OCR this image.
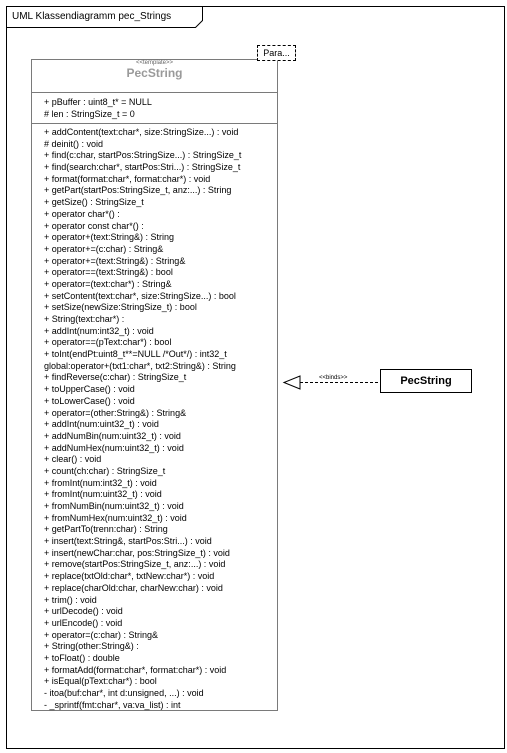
UML Klassendiagramm pec_Strings
<<template>>
PecString
+ pBuffer : uint8_t* = NULL
# len : StringSize_t = 0
+ addContent(text:char*, size:StringSize...) : void
# deinit() : void
+ find(c:char, startPos:StringSize...) : StringSize_t
+ find(search:char*, startPos:Stri...) : StringSize_t
+ format(format:char*, format:char*) : void
+ getPart(startPos:StringSize_t, anz:...) : String
+ getSize() : StringSize_t
+ operator char*() :
+ operator const char*() :
+ operator+(text:String&) : String
+ operator+=(c:char) : String&
+ operator+=(text:String&) : String&
+ operator==(text:String&) : bool
+ operator=(text:char*) : String&
+ setContent(text:char*, size:StringSize...) : bool
+ setSize(newSize:StringSize_t) : bool
+ String(text:char*) :
+ addInt(num:int32_t) : void
+ operator==(pText:char*) : bool
+ toInt(endPt:uint8_t**=NULL /*Out*/) : int32_t
global:operator+(txt1:char*, txt2:String&) : String
+ findReverse(c:char) : StringSize_t
+ toUpperCase() : void
+ toLowerCase() : void
+ operator=(other:String&) : String&
+ addInt(num:uint32_t) : void
+ addNumBin(num:uint32_t) : void
+ addNumHex(num:uint32_t) : void
+ clear() : void
+ count(ch:char) : StringSize_t
+ fromInt(num:int32_t) : void
+ fromInt(num:uint32_t) : void
+ fromNumBin(num:uint32_t) : void
+ fromNumHex(num:uint32_t) : void
+ getPartTo(trenn:char) : String
+ insert(text:String&, startPos:Stri...) : void
+ insert(newChar:char, pos:StringSize_t) : void
+ remove(startPos:StringSize_t, anz:...) : void
+ replace(txtOld:char*, txtNew:char*) : void
+ replace(charOld:char, charNew:char) : void
+ trim() : void
+ urlDecode() : void
+ urlEncode() : void
+ operator=(c:char) : String&
+ String(other:String&) :
+ toFloat() : double
+ formatAdd(format:char*, format:char*) : void
+ isEqual(pText:char*) : bool
- itoa(buf:char*, int d:unsigned, ...) : void
- _sprintf(fmt:char*, va:va_list) : int
Para...
<<binds>>	PecString
